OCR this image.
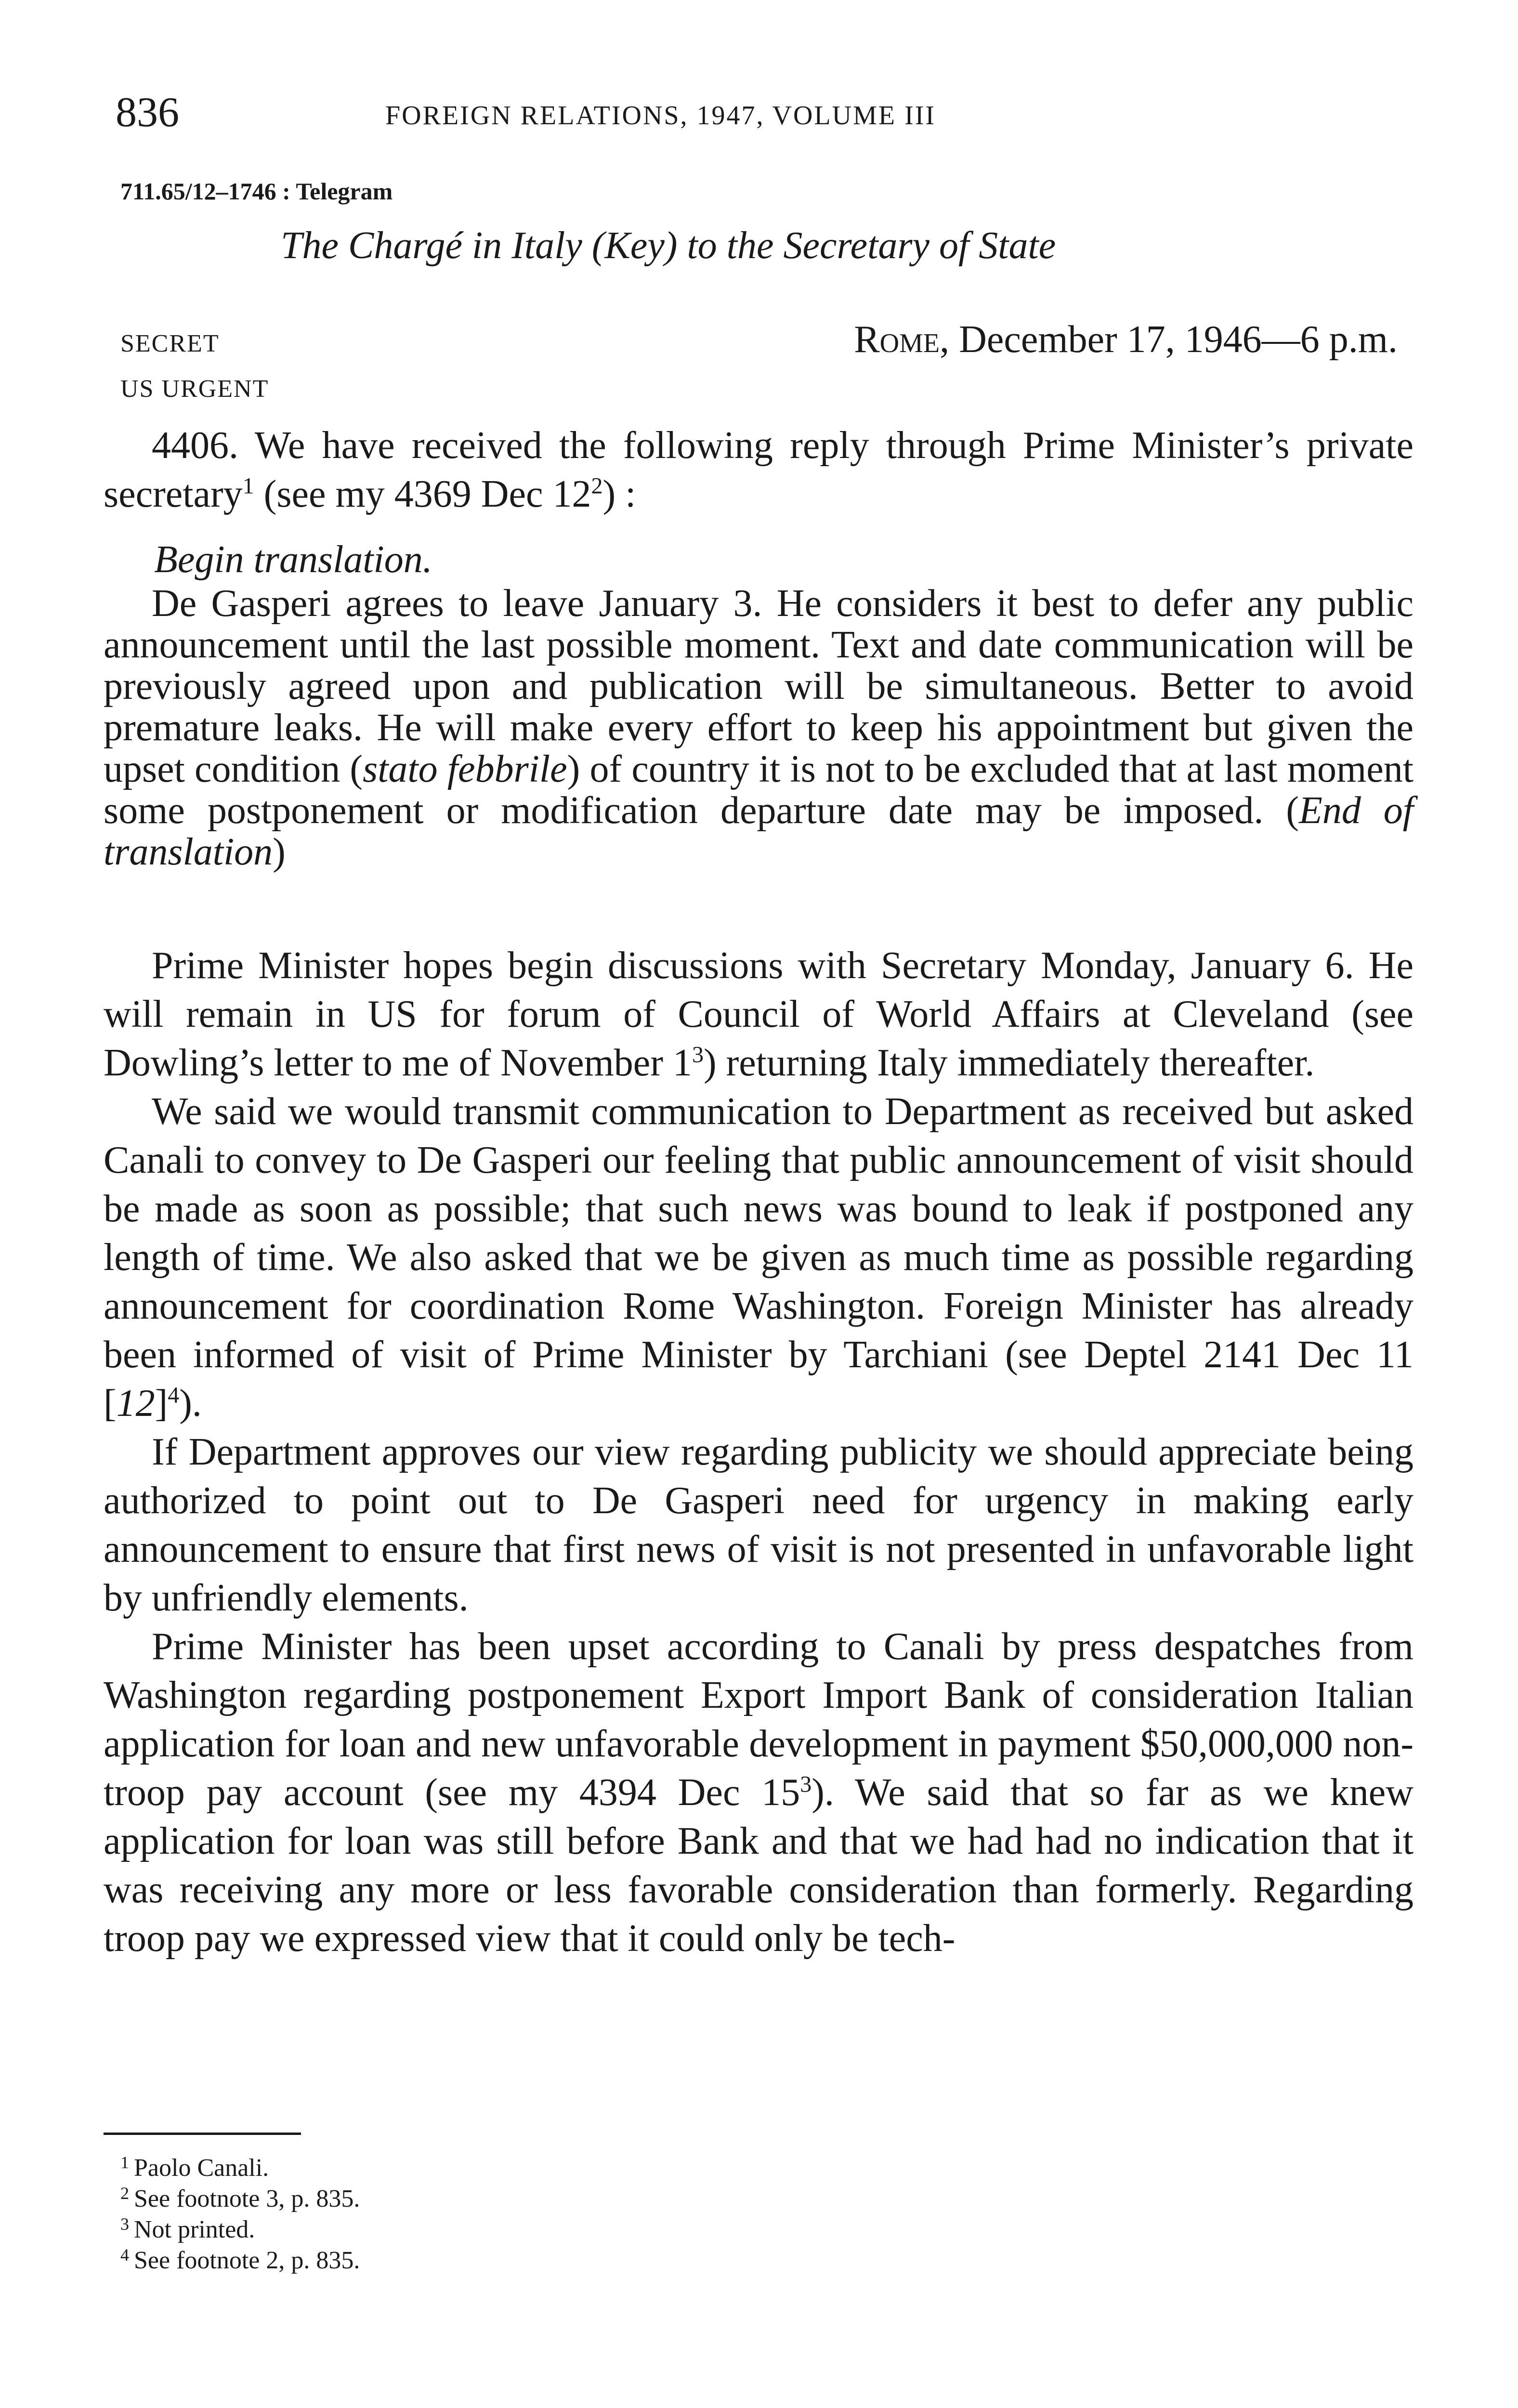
836	FOREIGN RELATIONS, 1947, VOLUME III
711.65/12–1746 : Telegram
The Chargé in Italy (Key) to the Secretary of State
SECRET
US URGENT
Rome, December 17, 1946—6 p.m.

4406. We have received the following reply through Prime Minister’s private secretary$^1$ (see my 4369 Dec $12^2$) :

Begin translation.

De Gasperi agrees to leave January 3. He considers it best to defer any public announcement until the last possible moment. Text and date communication will be previously agreed upon and publication will be simultaneous. Better to avoid premature leaks. He will make every effort to keep his appointment but given the upset condition (stato febbrile) of country it is not to be excluded that at last moment some postponement or modification departure date may be imposed. (End of translation)

Prime Minister hopes begin discussions with Secretary Monday, January 6. He will remain in US for forum of Council of World Affairs at Cleveland (see Dowling’s letter to me of November $1^3$) returning Italy immediately thereafter.

We said we would transmit communication to Department as received but asked Canali to convey to De Gasperi our feeling that public announcement of visit should be made as soon as possible; that such news was bound to leak if postponed any length of time. We also asked that we be given as much time as possible regarding announcement for coordination Rome Washington. Foreign Minister has already been informed of visit of Prime Minister by Tarchiani (see Deptel 2141 Dec 11 $[12]^4$).

If Department approves our view regarding publicity we should appreciate being authorized to point out to De Gasperi need for urgency in making early announcement to ensure that first news of visit is not presented in unfavorable light by unfriendly elements.

Prime Minister has been upset according to Canali by press despatches from Washington regarding postponement Export Import Bank of consideration Italian application for loan and new unfavorable development in payment $50,000,000 non-troop pay account (see my 4394 Dec $15^3$). We said that so far as we knew application for loan was still before Bank and that we had had no indication that it was receiving any more or less favorable consideration than formerly. Regarding troop pay we expressed view that it could only be tech-

1 Paolo Canali.
2 See footnote 3, p. 835.
3 Not printed.
4 See footnote 2, p. 835.
